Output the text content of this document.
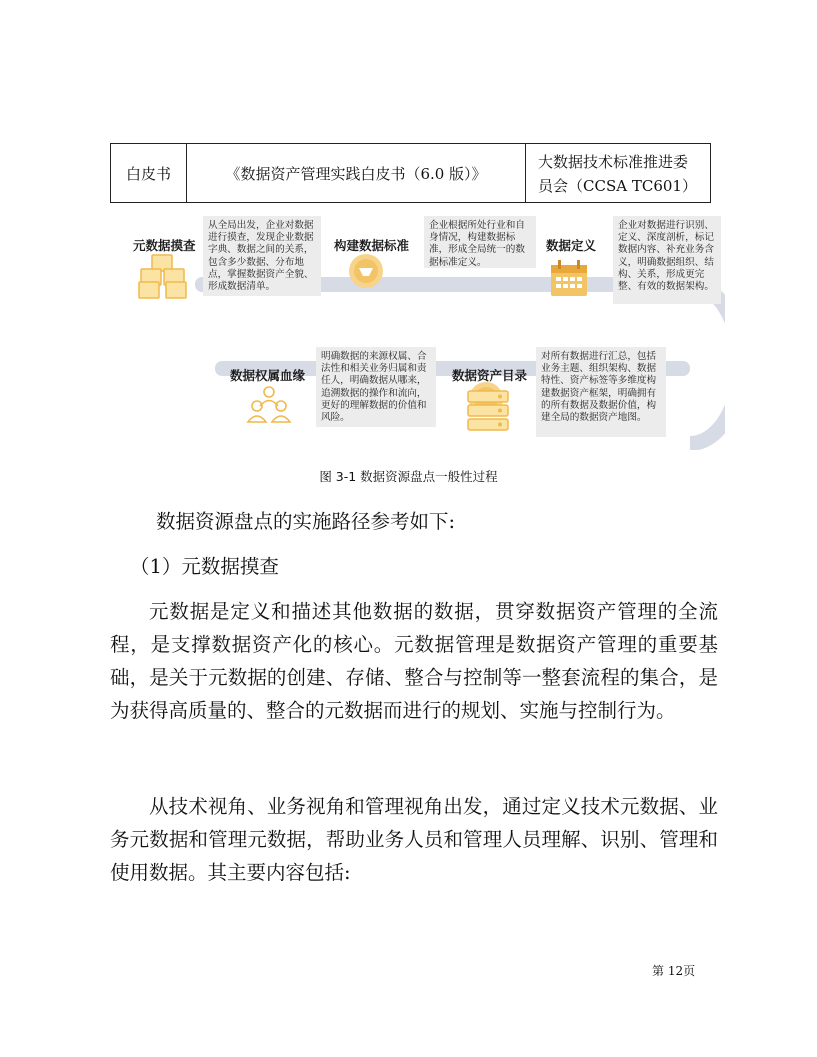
白皮书	《数据资产管理实践白皮书（6.0 版）》	大数据技术标准推进委员会（CCSA TC601）
元数据摸查
从全局出发，企业对数据进行摸查，发现企业数据字典、数据之间的关系，包含多少数据、分布地点，掌握数据资产全貌、形成数据清单。
构建数据标准
企业根据所处行业和自身情况，构建数据标准，形成全局统一的数据标准定义。
数据定义
企业对数据进行识别、定义、深度剖析，标记数据内容、补充业务含义，明确数据组织、结构、关系，形成更完整、有效的数据架构。
对所有数据进行汇总，包括业务主题、组织架构、数据特性、资产标签等多维度构建数据资产框架，明确拥有的所有数据及数据价值，构建全局的数据资产地图。
数据资产目录
明确数据的来源权属、合法性和相关业务归属和责任人，明确数据从哪来，追溯数据的操作和流向，更好的理解数据的价值和风险。
数据权属血缘
图 3-1 数据资源盘点一般性过程

数据资源盘点的实施路径参考如下:

（1）元数据摸查

元数据是定义和描述其他数据的数据，贯穿数据资产管理的全流程，是支撑数据资产化的核心。元数据管理是数据资产管理的重要基础，是关于元数据的创建、存储、整合与控制等一整套流程的集合，是为获得高质量的、整合的元数据而进行的规划、实施与控制行为。

从技术视角、业务视角和管理视角出发，通过定义技术元数据、业务元数据和管理元数据，帮助业务人员和管理人员理解、识别、管理和使用数据。其主要内容包括:

第 12页
